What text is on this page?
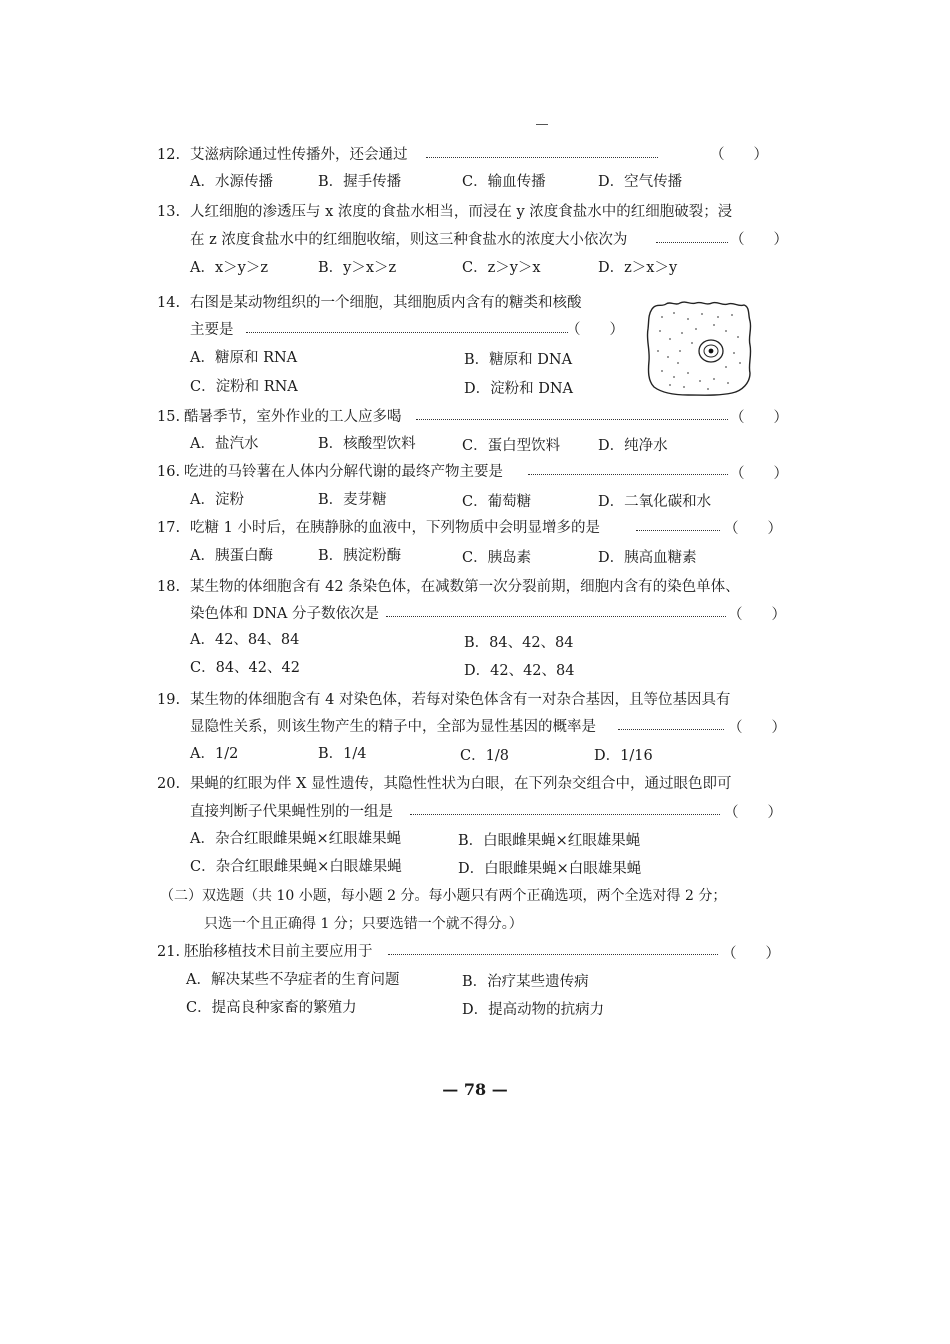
12. 艾滋病除通过性传播外，还会通过	（　　）
A．水源传播	B．握手传播	C．输血传播	D．空气传播
13. 人红细胞的渗透压与 x 浓度的食盐水相当，而浸在 y 浓度食盐水中的红细胞破裂；浸
在 z 浓度食盐水中的红细胞收缩，则这三种食盐水的浓度大小依次为	（　　）
A．x＞y＞z	B．y＞x＞z	C．z＞y＞x	D．z＞x＞y
14. 右图是某动物组织的一个细胞，其细胞质内含有的糖类和核酸
主要是	（　　）
A．糖原和 RNA	B．糖原和 DNA
C．淀粉和 RNA	D．淀粉和 DNA
15. 酷暑季节，室外作业的工人应多喝	（　　）
A．盐汽水	B．核酸型饮料	C．蛋白型饮料	D．纯净水
16. 吃进的马铃薯在人体内分解代谢的最终产物主要是	（　　）
A．淀粉	B．麦芽糖	C．葡萄糖	D．二氧化碳和水
17. 吃糖 1 小时后，在胰静脉的血液中，下列物质中会明显增多的是	（　　）
A．胰蛋白酶	B．胰淀粉酶	C．胰岛素	D．胰高血糖素
18. 某生物的体细胞含有 42 条染色体，在减数第一次分裂前期，细胞内含有的染色单体、
染色体和 DNA 分子数依次是	（　　）
A．42、84、84	B．84、42、84
C．84、42、42	D．42、42、84
19. 某生物的体细胞含有 4 对染色体，若每对染色体含有一对杂合基因，且等位基因具有
显隐性关系，则该生物产生的精子中，全部为显性基因的概率是	（　　）
A．1/2	B．1/4	C．1/8	D．1/16
20. 果蝇的红眼为伴 X 显性遗传，其隐性性状为白眼，在下列杂交组合中，通过眼色即可
直接判断子代果蝇性别的一组是	（　　）
A．杂合红眼雌果蝇×红眼雄果蝇	B．白眼雌果蝇×红眼雄果蝇
C．杂合红眼雌果蝇×白眼雄果蝇	D．白眼雌果蝇×白眼雄果蝇
（二）双选题（共 10 小题，每小题 2 分。每小题只有两个正确选项，两个全选对得 2 分；
只选一个且正确得 1 分；只要选错一个就不得分。）
21. 胚胎移植技术目前主要应用于	（　　）
A．解决某些不孕症者的生育问题	B．治疗某些遗传病
C．提高良种家畜的繁殖力	D．提高动物的抗病力
— 78 —
